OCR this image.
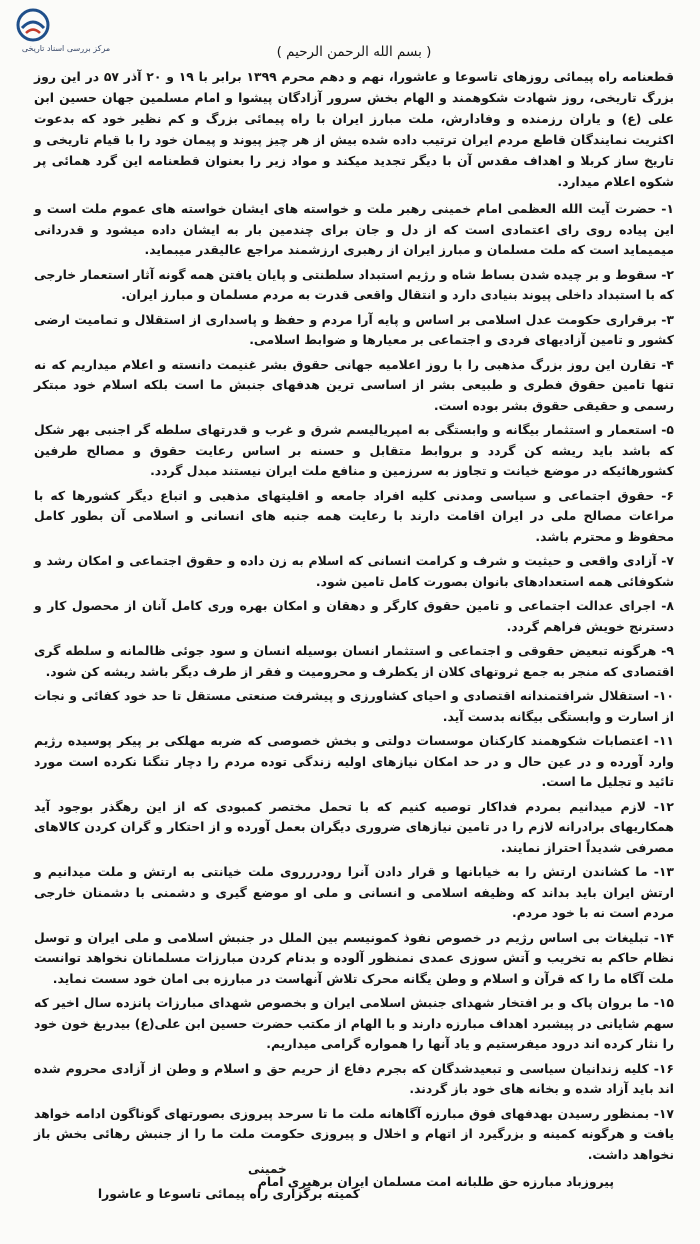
مرکز بررسی اسناد تاریخی	( بسم الله الرحمن الرحیم )

قطعنامه راه پیمائی روزهای تاسوعا و عاشورا، نهم و دهم محرم ۱۳۹۹ برابر با ۱۹ و ۲۰ آذر ۵۷ در این روز بزرگ تاریخی، روز شهادت شکوهمند و الهام بخش سرور آزادگان پیشوا و امام مسلمین جهان حسین ابن علی (ع) و یاران رزمنده و وفادارش، ملت مبارز ایران با راه پیمائی بزرگ و کم نظیر خود که بدعوت اکثریت نمایندگان قاطع مردم ایران ترتیب داده شده بیش از هر چیز پیوند و پیمان خود را با قیام تاریخی و تاریخ ساز کربلا و اهداف مقدس آن با دیگر تجدید میکند و مواد زیر را بعنوان قطعنامه این گرد همائی پر شکوه اعلام میدارد.

۱- حضرت آیت الله العظمی امام خمینی رهبر ملت و خواسته های ایشان خواسته های عموم ملت است و این پیاده روی رای اعتمادی است که از دل و جان برای چندمین بار به ایشان داده میشود و قدردانی میمیماید است که ملت مسلمان و مبارز ایران از رهبری ارزشمند مراجع عالیقدر میبماید.

۲- سقوط و بر چیده شدن بساط شاه و رژیم استبداد سلطنتی و پایان یافتن همه گونه آثار استعمار خارجی که با استبداد داخلی پیوند بنیادی دارد و انتقال واقعی قدرت به مردم مسلمان و مبارز ایران.

۳- برقراری حکومت عدل اسلامی بر اساس و پایه آرا مردم و حفظ و پاسداری از استقلال و تمامیت ارضی کشور و تامین آزادیهای فردی و اجتماعی بر معیارها و ضوابط اسلامی.

۴- تقارن این روز بزرگ مذهبی را با روز اعلامیه جهانی حقوق بشر غنیمت دانسته و اعلام میداریم که نه تنها تامین حقوق فطری و طبیعی بشر از اساسی ترین هدفهای جنبش ما است بلکه اسلام خود مبتکر رسمی و حقیقی حقوق بشر بوده است.

۵- استعمار و استثمار بیگانه و وابستگی به امپریالیسم شرق و غرب و قدرتهای سلطه گر اجنبی بهر شکل که باشد باید ریشه کن گردد و بروابط متقابل و حسنه بر اساس رعایت حقوق و مصالح طرفین کشورهائیکه در موضع خیانت و تجاوز به سرزمین و منافع ملت ایران نیستند مبدل گردد.

۶- حقوق اجتماعی و سیاسی ومدنی کلیه افراد جامعه و اقلیتهای مذهبی و اتباع دیگر کشورها که با مراعات مصالح ملی در ایران اقامت دارند با رعایت همه جنبه های انسانی و اسلامی آن بطور کامل محفوظ و محترم باشد.

۷- آزادی واقعی و حیثیت و شرف و کرامت انسانی که اسلام به زن داده و حقوق اجتماعی و امکان رشد و شکوفائی همه استعدادهای بانوان بصورت کامل تامین شود.

۸- اجرای عدالت اجتماعی و تامین حقوق کارگر و دهقان و امکان بهره وری کامل آنان از محصول کار و دسترنج خویش فراهم گردد.

۹- هرگونه تبعیض حقوقی و اجتماعی و استثمار انسان بوسیله انسان و سود جوئی ظالمانه و سلطه گری اقتصادی که منجر به جمع ثروتهای کلان از یکطرف و محرومیت و فقر از طرف دیگر باشد ریشه کن شود.

۱۰- استقلال شرافتمندانه اقتصادی و احیای کشاورزی و پیشرفت صنعتی مستقل تا حد خود کفائی و نجات از اسارت و وابستگی بیگانه بدست آید.

۱۱- اعتصابات شکوهمند کارکنان موسسات دولتی و بخش خصوصی که ضربه مهلکی بر پیکر پوسیده رژیم وارد آورده و در عین حال و در حد امکان نیازهای اولیه زندگی توده مردم را دچار تنگنا نکرده است مورد تائید و تجلیل ما است.

۱۲- لازم میدانیم بمردم فداکار توصیه کنیم که با تحمل مختصر کمبودی که از این رهگذر بوجود آید همکاریهای برادرانه لازم را در تامین نیازهای ضروری دیگران بعمل آورده و از احتکار و گران کردن کالاهای مصرفی شدیداً احتراز نمایند.

۱۳- ما کشاندن ارتش را به خیابانها و قرار دادن آنرا رودررروی ملت خیانتی به ارتش و ملت میدانیم و ارتش ایران باید بداند که وظیفه اسلامی و انسانی و ملی او موضع گیری و دشمنی با دشمنان خارجی مردم است نه با خود مردم.

۱۴- تبلیغات بی اساس رژیم در خصوص نفوذ کمونیسم بین الملل در جنبش اسلامی و ملی ایران و توسل نظام حاکم به تخریب و آتش سوزی عمدی نمنظور آلوده و بدنام کردن مبارزات مسلمانان نخواهد توانست ملت آگاه ما را که قرآن و اسلام و وطن یگانه محرک تلاش آنهاست در مبارزه بی امان خود سست نماید.

۱۵- ما بروان پاک و بر افتخار شهدای جنبش اسلامی ایران و بخصوص شهدای مبارزات پانزده سال اخیر که سهم شایانی در پیشبرد اهداف مبارزه دارند و با الهام از مکتب حضرت حسین ابن علی(ع) بیدریغ خون خود را نثار کرده اند درود میفرستیم و یاد آنها را همواره گرامی میداریم.

۱۶- کلیه زندانیان سیاسی و تبعیدشدگان که بجرم دفاع از حریم حق و اسلام و وطن از آزادی محروم شده اند باید آزاد شده و بخانه های خود باز گردند.

۱۷- بمنظور رسیدن بهدفهای فوق مبارزه آگاهانه ملت ما تا سرحد پیروزی بصورتهای گوناگون ادامه خواهد یافت و هرگونه کمینه و بزرگیرد از اتهام و اخلال و پیروزی حکومت ملت ما را از جنبش رهائی بخش باز نخواهد داشت.

پیروزباد مبارزه حق طلبانه امت مسلمان ایران برهبری امام

خمینی
کمیته برگزاری راه پیمائی تاسوعا و عاشورا
